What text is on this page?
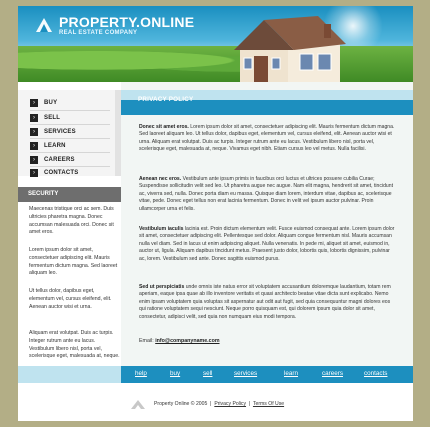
PROPERTY.ONLINE
REAL ESTATE COMPANY
›	BUY
›	SELL
›	SERVICES
›	LEARN
›	CAREERS
›	CONTACTS
SECURITY
Maecenas tristique orci ac sem. Duis ultricies pharetra magna. Donec accumsan malesuada orci. Donec sit amet eros.
Lorem ipsum dolor sit amet, consectetuer adipiscing elit. Mauris fermentum dictum magna. Sed laoreet aliquam leo.
Ut tellus dolor, dapibus eget, elementum vel, cursus eleifend, elit. Aenean auctor wisi et urna.
Aliquam erat volutpat. Duis ac turpis. Integer rutrum ante eu lacus. Vestibulum libero nisl, porta vel, scelerisque eget, malesuada at, neque.
PRIVACY POLICY

Donec sit amet eros. Lorem ipsum dolor sit amet, consectetuer adipiscing elit. Mauris fermentum dictum magna. Sed laoreet aliquam leo. Ut tellus dolor, dapibus eget, elementum vel, cursus eleifend, elit. Aenean auctor wisi et urna. Aliquam erat volutpat. Duis ac turpis. Integer rutrum ante eu lacus. Vestibulum libero nisl, porta vel, scelerisque eget, malesuada at, neque. Vivamus eget nibh. Etiam cursus leo vel metus. Nulla facilisi.

Aenean nec eros. Vestibulum ante ipsum primis in faucibus orci luctus et ultrices posuere cubilia Curae; Suspendisse sollicitudin velit sed leo. Ut pharetra augue nec augue. Nam elit magna, hendrerit sit amet, tincidunt ac, viverra sed, nulla. Donec porta diam eu massa. Quisque diam lorem, interdum vitae, dapibus ac, scelerisque vitae, pede. Donec eget tellus non erat lacinia fermentum. Donec in velit vel ipsum auctor pulvinar. Proin ullamcorper urna et felis.

Vestibulum iaculis lacinia est. Proin dictum elementum velit. Fusce euismod consequat ante. Lorem ipsum dolor sit amet, consectetuer adipiscing elit. Pellentesque sed dolor. Aliquam congue fermentum nisl. Mauris accumsan nulla vel diam. Sed in lacus ut enim adipiscing aliquet. Nulla venenatis. In pede mi, aliquet sit amet, euismod in, auctor ut, ligula. Aliquam dapibus tincidunt metus. Praesent justo dolor, lobortis quis, lobortis dignissim, pulvinar ac, lorem. Vestibulum sed ante. Donec sagittis euismod purus.

Sed ut perspiciatis unde omnis iste natus error sit voluptatem accusantium doloremque laudantium, totam rem aperiam, eaque ipsa quae ab illo inventore veritatis et quasi architecto beatae vitae dicta sunt explicabo. Nemo enim ipsam voluptatem quia voluptas sit aspernatur aut odit aut fugit, sed quia consequuntur magni dolores eos qui ratione voluptatem sequi nesciunt. Neque porro quisquam est, qui dolorem ipsum quia dolor sit amet, consectetur, adipisci velit, sed quia non numquam eius modi tempora.

Email: info@companyname.com
help	buy	sell	services	learn	careers	contacts
Property Online © 2005 | Privacy Policy | Terms Of Use
